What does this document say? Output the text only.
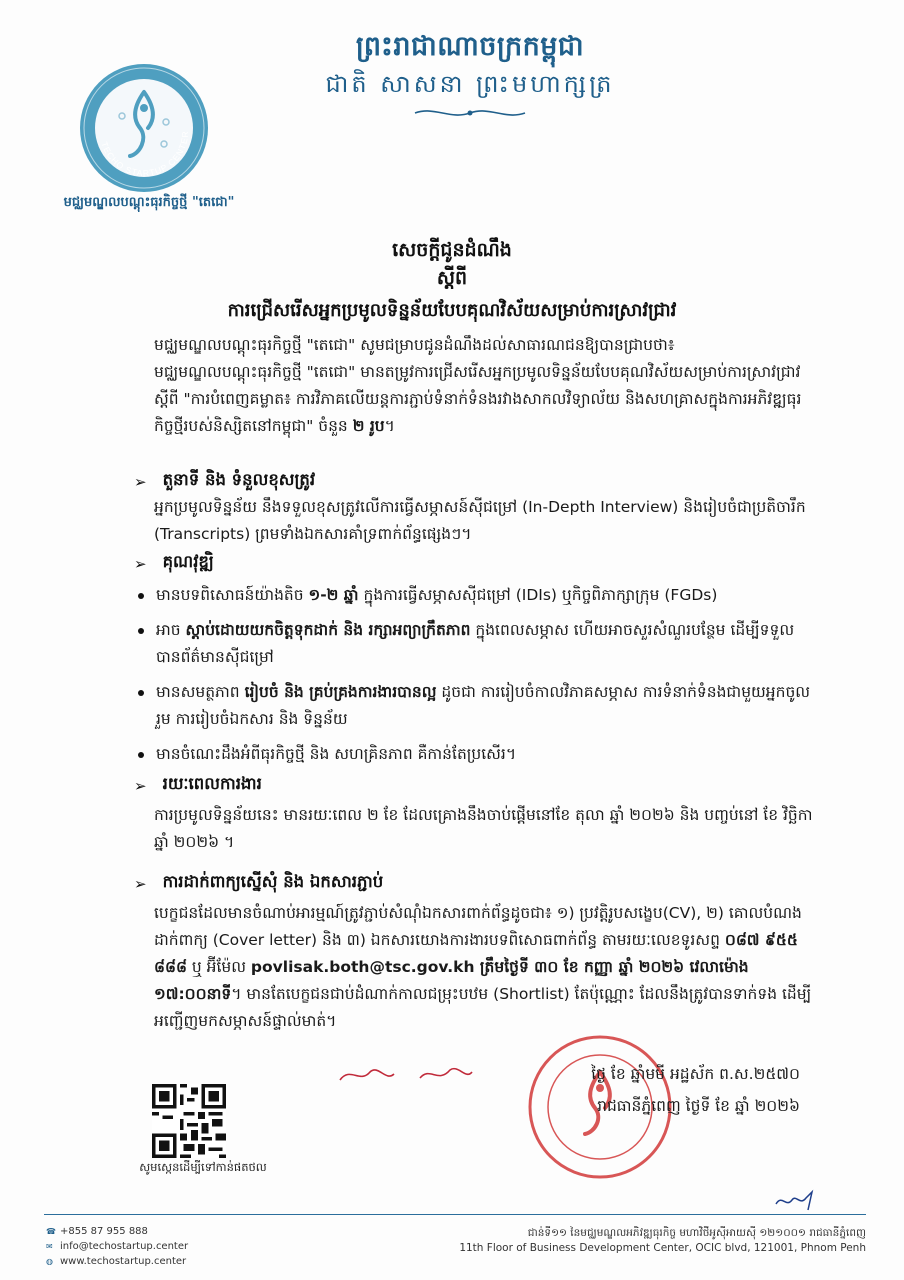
ព្រះរាជាណាចក្រកម្ពុជា
ជាតិ សាសនា ព្រះមហាក្សត្រ
TECHO STARTUP CENTER
មជ្ឈមណ្ឌលបណ្តុះធុរកិច្ចថ្មី "តេជោ"
សេចក្តីជូនដំណឹង
ស្តីពី
ការជ្រើសរើសអ្នកប្រមូលទិន្នន័យបែបគុណវិស័យសម្រាប់ការស្រាវជ្រាវ
មជ្ឈមណ្ឌលបណ្តុះធុរកិច្ចថ្មី "តេជោ" សូមជម្រាបជូនដំណឹងដល់សាធារណជនឱ្យបានជ្រាបថា៖
មជ្ឈមណ្ឌលបណ្តុះធុរកិច្ចថ្មី "តេជោ" មានតម្រូវការជ្រើសរើសអ្នកប្រមូលទិន្នន័យបែបគុណវិស័យសម្រាប់ការស្រាវជ្រាវស្តីពី "ការបំពេញគម្លាត៖ ការវិភាគលើយន្តការភ្ជាប់ទំនាក់ទំនងរវាងសាកលវិទ្យាល័យ និងសហគ្រាសក្នុងការអភិវឌ្ឍធុរកិច្ចថ្មីរបស់និស្សិតនៅកម្ពុជា" ចំនួន ២ រូប។
➢ តួនាទី និង ទំនួលខុសត្រូវ
អ្នកប្រមូលទិន្នន័យ នឹងទទួលខុសត្រូវលើការធ្វើសម្ភាសន៍ស៊ីជម្រៅ (In-Depth Interview) និងរៀបចំជាប្រតិចារឹក (Transcripts) ព្រមទាំងឯកសារគាំទ្រពាក់ព័ន្ធផ្សេងៗ។
➢ គុណវុឌ្ឍិ
មានបទពិសោធន៍យ៉ាងតិច ១-២ ឆ្នាំ ក្នុងការធ្វើសម្ភាសស៊ីជម្រៅ (IDIs) ឬកិច្ចពិភាក្សាក្រុម (FGDs)
អាច ស្តាប់ដោយយកចិត្តទុកដាក់ និង រក្សាអព្យាក្រឹតភាព ក្នុងពេលសម្ភាស ហើយអាចសួរសំណួរបន្ថែម ដើម្បីទទួលបានព័ត៌មានស៊ីជម្រៅ
មានសមត្ថភាព រៀបចំ និង គ្រប់គ្រងការងារបានល្អ ដូចជា ការរៀបចំកាលវិភាគសម្ភាស ការទំនាក់ទំនងជាមួយអ្នកចូលរួម ការរៀបចំឯកសារ និង ទិន្នន័យ
មានចំណេះដឹងអំពីធុរកិច្ចថ្មី និង សហគ្រិនភាព គឺកាន់តែប្រសើរ។
➢ រយៈពេលការងារ
ការប្រមូលទិន្នន័យនេះ មានរយៈពេល ២ ខែ ដែលគ្រោងនឹងចាប់ផ្តើមនៅខែ តុលា ឆ្នាំ ២០២៦ និង បញ្ចប់នៅ ខែ វិច្ឆិកា ឆ្នាំ ២០២៦ ។
➢ ការដាក់ពាក្យស្នើសុំ និង ឯកសារភ្ជាប់
បេក្ខជនដែលមានចំណាប់អារម្មណ៍ត្រូវភ្ជាប់សំណុំឯកសារពាក់ព័ន្ធដូចជា៖ ១) ប្រវត្តិរូបសង្ខេប(CV), ២) គោលបំណងដាក់ពាក្យ (Cover letter) និង ៣) ឯកសារយោងការងារបទពិសោធពាក់ព័ន្ធ តាមរយៈលេខទូរសព្ទ ០៨៧ ៩៥៥ ៨៨៨ ឬ អ៊ីម៉ែល povlisak.both@tsc.gov.kh ត្រឹមថ្ងៃទី ៣០ ខែ កញ្ញា ឆ្នាំ ២០២៦ វេលាម៉ោង ១៧:០០នាទី។ មានតែបេក្ខជនជាប់ដំណាក់កាលជម្រុះបឋម (Shortlist) តែប៉ុណ្ណោះ ដែលនឹងត្រូវបានទាក់ទង ដើម្បីអញ្ជើញមកសម្ភាសន៍ផ្ទាល់មាត់។
ថ្ងៃ ខែ ឆ្នាំមមី អដ្ឋស័ក ព.ស.២៥៧០
រាជធានីភ្នំពេញ ថ្ងៃទី ខែ ឆ្នាំ ២០២៦
សូមស្កេនដើម្បីទៅកាន់ផតថល
☎ +855 87 955 888
✉ info@techostartup.center
◍ www.techostartup.center
ជាន់ទី១១ នៃមជ្ឈមណ្ឌលអភិវឌ្ឍធុរកិច្ច មហាវិថីអូស៊ីអាយស៊ី ១២១០០១ រាជធានីភ្នំពេញ
11th Floor of Business Development Center, OCIC blvd, 121001, Phnom Penh
